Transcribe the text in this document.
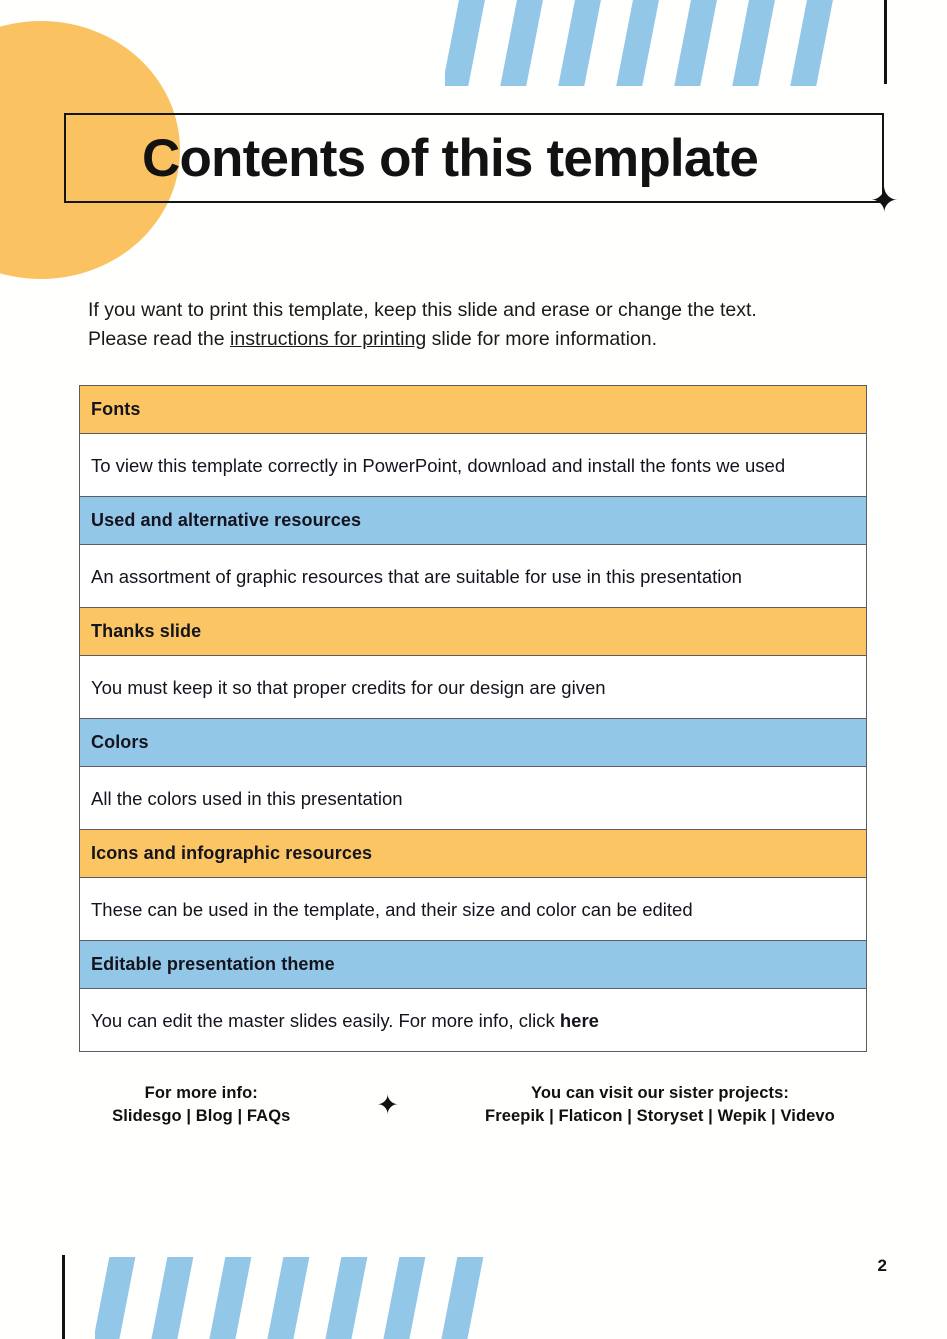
Contents of this template
✦
If you want to print this template, keep this slide and erase or change the text.
Please read the instructions for printing slide for more information.
Fonts
To view this template correctly in PowerPoint, download and install the fonts we used
Used and alternative resources
An assortment of graphic resources that are suitable for use in this presentation
Thanks slide
You must keep it so that proper credits for our design are given
Colors
All the colors used in this presentation
Icons and infographic resources
These can be used in the template, and their size and color can be edited
Editable presentation theme
You can edit the master slides easily. For more info, click here
For more info:
Slidesgo | Blog | FAQs	✦	You can visit our sister projects:
Freepik | Flaticon | Storyset | Wepik | Videvo
2
